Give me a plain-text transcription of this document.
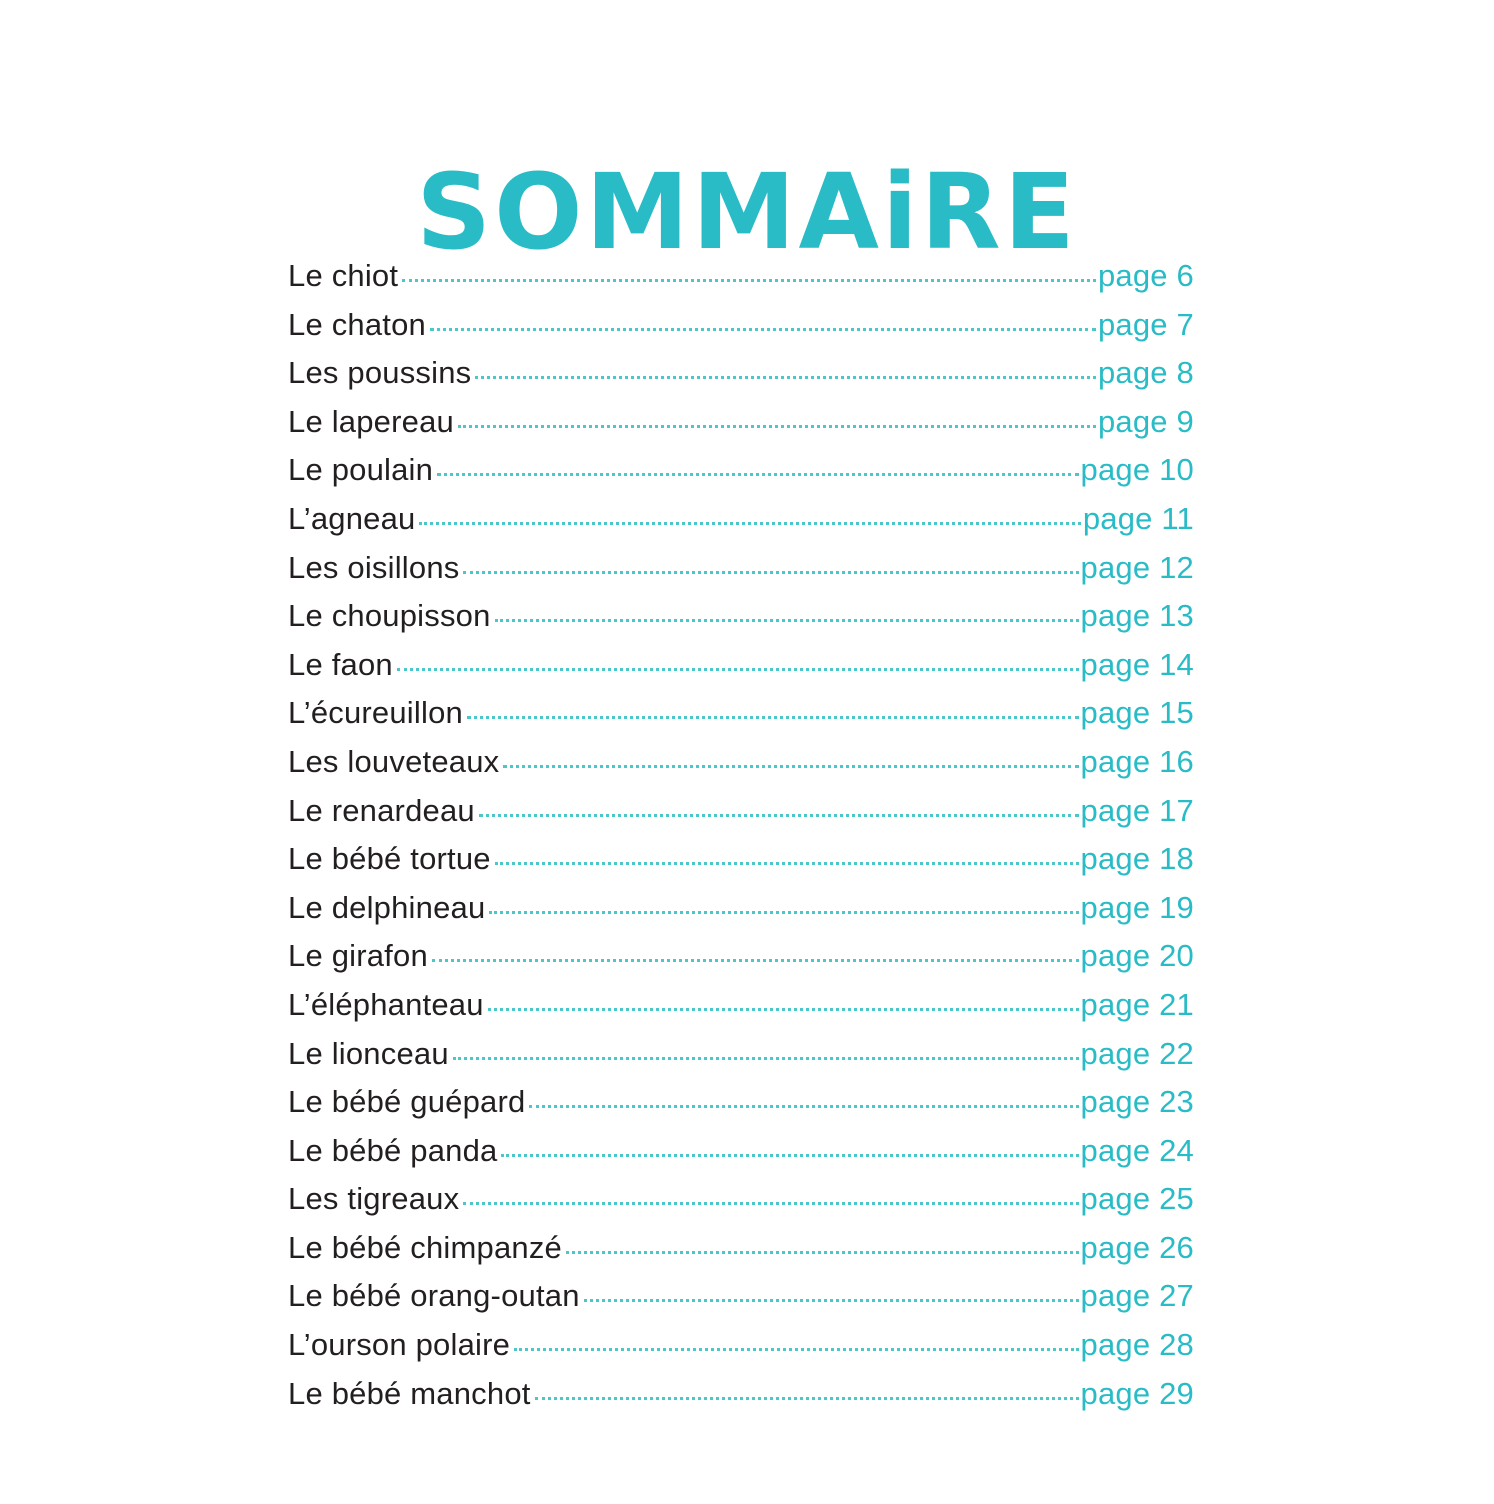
SOMMAiRE
Le chiot	page 6
Le chaton	page 7
Les poussins	page 8
Le lapereau	page 9
Le poulain	page 10
L’agneau	page 11
Les oisillons	page 12
Le choupisson	page 13
Le faon	page 14
L’écureuillon	page 15
Les louveteaux	page 16
Le renardeau	page 17
Le bébé tortue	page 18
Le delphineau	page 19
Le girafon	page 20
L’éléphanteau	page 21
Le lionceau	page 22
Le bébé guépard	page 23
Le bébé panda	page 24
Les tigreaux	page 25
Le bébé chimpanzé	page 26
Le bébé orang-outan	page 27
L’ourson polaire	page 28
Le bébé manchot	page 29
